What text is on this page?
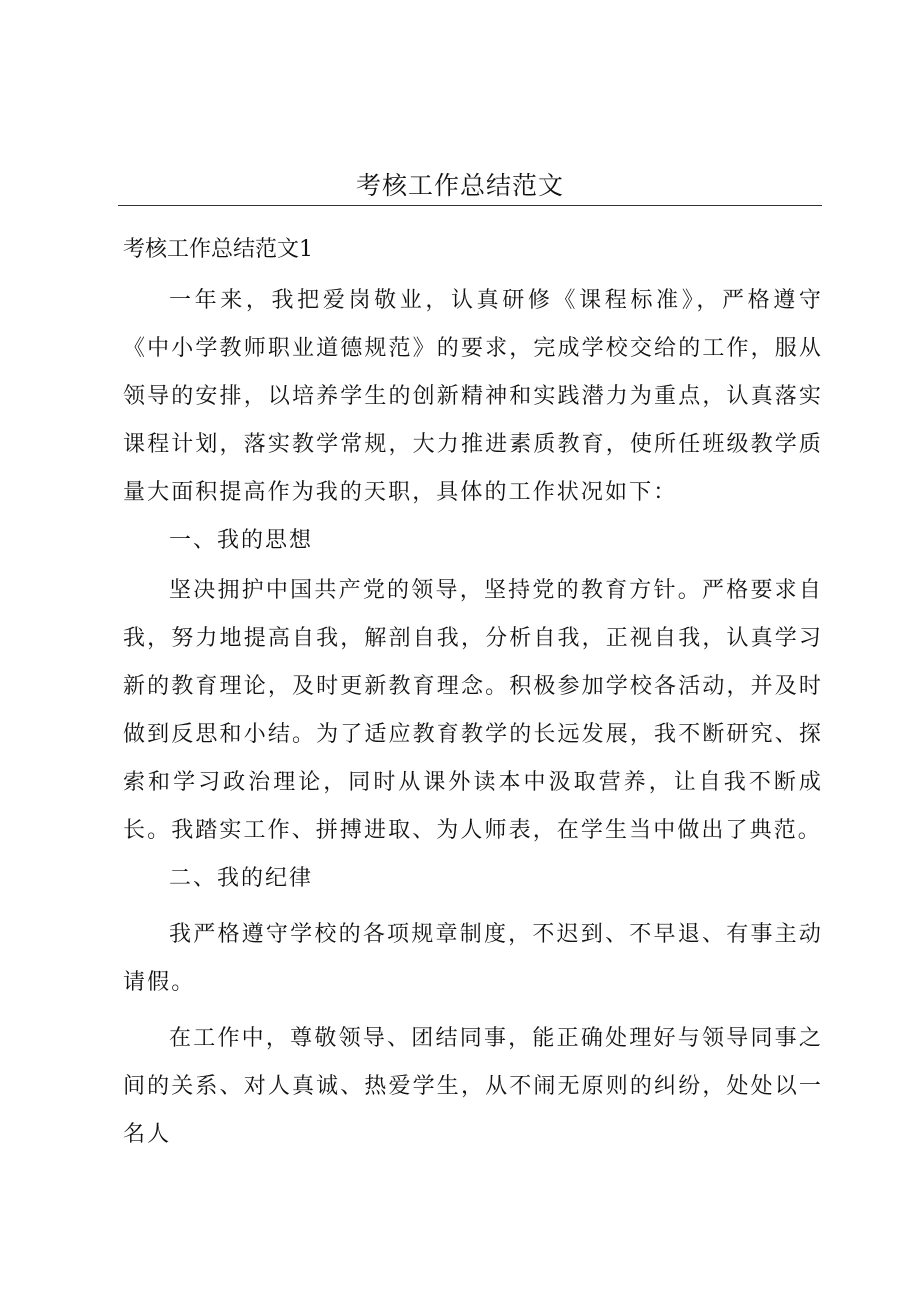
考核工作总结范文

考核工作总结范文1

一年来，我把爱岗敬业，认真研修《课程标准》，严格遵守《中小学教师职业道德规范》的要求，完成学校交给的工作，服从领导的安排，以培养学生的创新精神和实践潜力为重点，认真落实课程计划，落实教学常规，大力推进素质教育，使所任班级教学质量大面积提高作为我的天职，具体的工作状况如下：

一、我的思想

坚决拥护中国共产党的领导，坚持党的教育方针。严格要求自我，努力地提高自我，解剖自我，分析自我，正视自我，认真学习新的教育理论，及时更新教育理念。积极参加学校各活动，并及时做到反思和小结。为了适应教育教学的长远发展，我不断研究、探索和学习政治理论，同时从课外读本中汲取营养，让自我不断成长。我踏实工作、拼搏进取、为人师表，在学生当中做出了典范。

二、我的纪律

我严格遵守学校的各项规章制度，不迟到、不早退、有事主动请假。

在工作中，尊敬领导、团结同事，能正确处理好与领导同事之间的关系、对人真诚、热爱学生，从不闹无原则的纠纷，处处以一名人
